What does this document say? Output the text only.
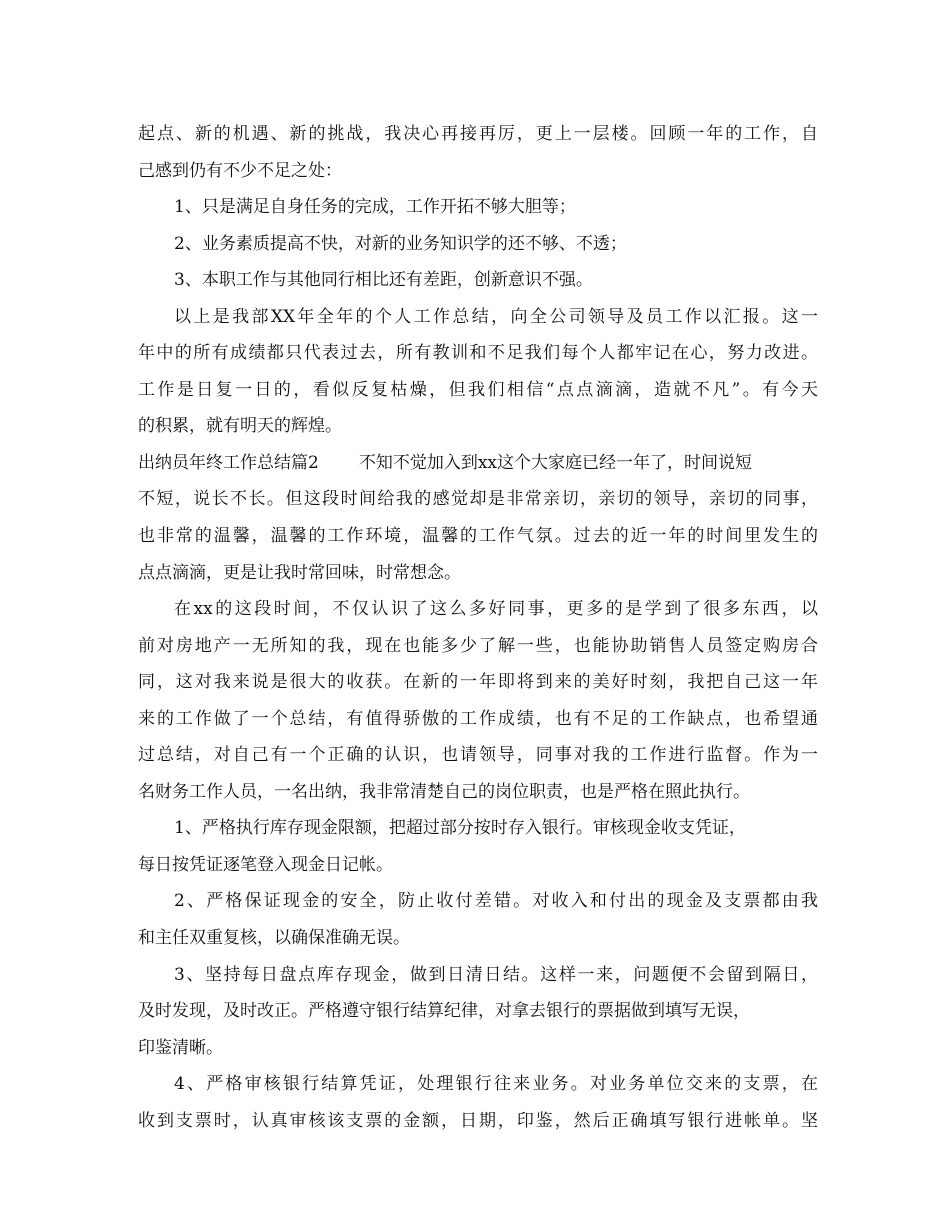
起点、新的机遇、新的挑战，我决心再接再厉，更上一层楼。回顾一年的工作，自
己感到仍有不少不足之处：
1、只是满足自身任务的完成，工作开拓不够大胆等；
2、业务素质提高不快，对新的业务知识学的还不够、不透；
3、本职工作与其他同行相比还有差距，创新意识不强。
以上是我部XX年全年的个人工作总结，向全公司领导及员工作以汇报。这一
年中的所有成绩都只代表过去，所有教训和不足我们每个人都牢记在心，努力改进。
工作是日复一日的，看似反复枯燥，但我们相信“点点滴滴，造就不凡”。有今天
的积累，就有明天的辉煌。
出纳员年终工作总结篇2 不知不觉加入到xx这个大家庭已经一年了，时间说短
不短，说长不长。但这段时间给我的感觉却是非常亲切，亲切的领导，亲切的同事，
也非常的温馨，温馨的工作环境，温馨的工作气氛。过去的近一年的时间里发生的
点点滴滴，更是让我时常回味，时常想念。
在xx的这段时间，不仅认识了这么多好同事，更多的是学到了很多东西，以
前对房地产一无所知的我，现在也能多少了解一些，也能协助销售人员签定购房合
同，这对我来说是很大的收获。在新的一年即将到来的美好时刻，我把自己这一年
来的工作做了一个总结，有值得骄傲的工作成绩，也有不足的工作缺点，也希望通
过总结，对自己有一个正确的认识，也请领导，同事对我的工作进行监督。作为一
名财务工作人员，一名出纳，我非常清楚自己的岗位职责，也是严格在照此执行。
1、严格执行库存现金限额，把超过部分按时存入银行。审核现金收支凭证，
每日按凭证逐笔登入现金日记帐。
2、严格保证现金的安全，防止收付差错。对收入和付出的现金及支票都由我
和主任双重复核，以确保准确无误。
3、坚持每日盘点库存现金，做到日清日结。这样一来，问题便不会留到隔日，
及时发现，及时改正。严格遵守银行结算纪律，对拿去银行的票据做到填写无误，
印鉴清晰。
4、严格审核银行结算凭证，处理银行往来业务。对业务单位交来的支票，在
收到支票时，认真审核该支票的金额，日期，印鉴，然后正确填写银行进帐单。坚
